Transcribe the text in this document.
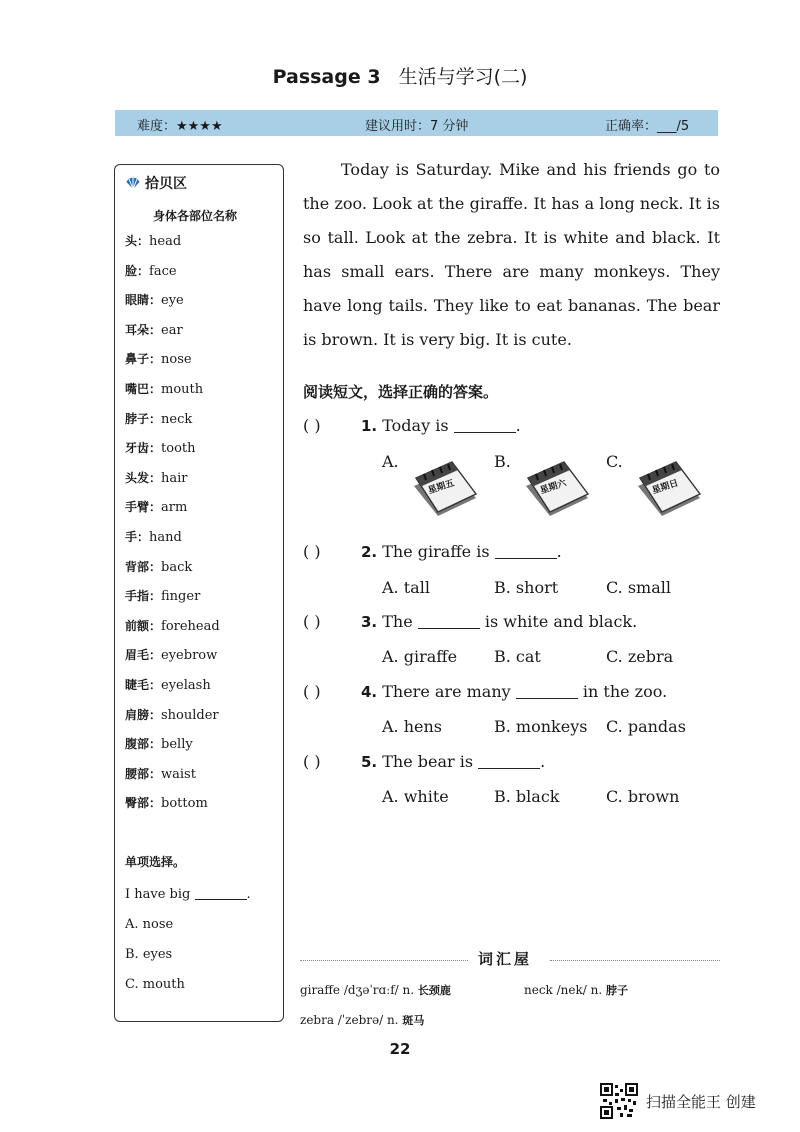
Passage 3 生活与学习(二)
难度：★★★★	建议用时：7 分钟	正确率：___/5
拾贝区
身体各部位名称
头：head
脸：face
眼睛：eye
耳朵：ear
鼻子：nose
嘴巴：mouth
脖子：neck
牙齿：tooth
头发：hair
手臂：arm
手：hand
背部：back
手指：finger
前额：forehead
眉毛：eyebrow
睫毛：eyelash
肩膀：shoulder
腹部：belly
腰部：waist
臀部：bottom
单项选择。
I have big	.
A. nose
B. eyes
C. mouth

Today is Saturday. Mike and his friends go to the zoo. Look at the giraffe. It has a long neck. It is so tall. Look at the zebra. It is white and black. It has small ears. There are many monkeys. They have long tails. They like to eat bananas. The bear is brown. It is very big. It is cute.

阅读短文，选择正确的答案。
( )	1. Today is	.
A.	B.	C.
星期五	星期六	星期日
( )	2. The giraffe is	.
A. tall	B. short	C. small
( )	3. The	is white and black.
A. giraffe B. cat	C. zebra
( )	4. There are many	in the zoo.
A. hens	B. monkeys C. pandas
( )	5. The bear is	.
A. white	B. black	C. brown
词汇屋
giraffe /dʒəˈrɑːf/ n. 长颈鹿	neck /nek/ n. 脖子
zebra /ˈzebrə/ n. 斑马
22
扫描全能王 创建
